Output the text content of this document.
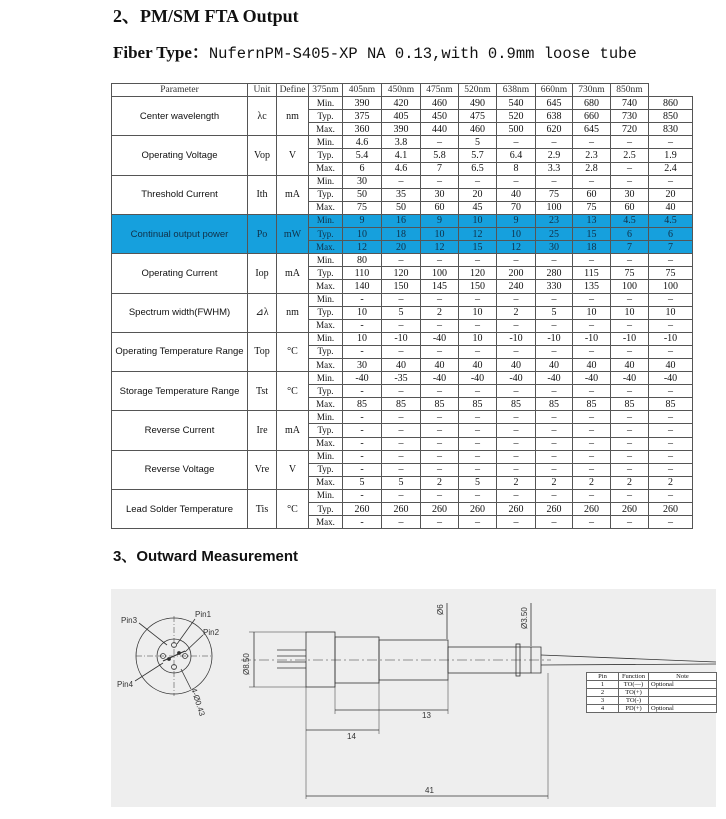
2、PM/SM FTA Output
Fiber Type：NufernPM-S405-XP NA 0.13,with 0.9mm loose tube
Parameter	Unit	Define	375nm	405nm	450nm	475nm	520nm	638nm	660nm	730nm	850nm	
Center wavelength	λc	nm	Min.	390	420	460	490	540	645	680	740	860
			Typ.	375	405	450	475	520	638	660	730	850
			Max.	360	390	440	460	500	620	645	720	830
Operating Voltage	Vop	V	Min.	4.6	3.8	–	5	–	–	–	–	–
			Typ.	5.4	4.1	5.8	5.7	6.4	2.9	2.3	2.5	1.9
			Max.	6	4.6	7	6.5	8	3.3	2.8	–	2.4
Threshold Current	Ith	mA	Min.	30	–	–	–	–	–	–	–	–
			Typ.	50	35	30	20	40	75	60	30	20
			Max.	75	50	60	45	70	100	75	60	40
Continual output power	Po	mW	Min.	9	16	9	10	9	23	13	4.5	4.5
			Typ.	10	18	10	12	10	25	15	6	6
			Max.	12	20	12	15	12	30	18	7	7
Operating Current	Iop	mA	Min.	80	–	–	–	–	–	–	–	–
			Typ.	110	120	100	120	200	280	115	75	75
			Max.	140	150	145	150	240	330	135	100	100
Spectrum width(FWHM)	⊿λ	nm	Min.	-	–	–	–	–	–	–	–	–
			Typ.	10	5	2	10	2	5	10	10	10
			Max.	-	–	–	–	–	–	–	–	–
Operating Temperature Range	Top	°C	Min.	10	-10	-40	10	-10	-10	-10	-10	-10
			Typ.	-	–	–	–	–	–	–	–	–
			Max.	30	40	40	40	40	40	40	40	40
Storage Temperature Range	Tst	°C	Min.	-40	-35	-40	-40	-40	-40	-40	-40	-40
			Typ.	-	–	–	–	–	–	–	–	–
			Max.	85	85	85	85	85	85	85	85	85
Reverse Current	Ire	mA	Min.	-	–	–	–	–	–	–	–	–
			Typ.	-	–	–	–	–	–	–	–	–
			Max.	-	–	–	–	–	–	–	–	–
Reverse Voltage	Vre	V	Min.	-	–	–	–	–	–	–	–	–
			Typ.	-	–	–	–	–	–	–	–	–
			Max.	5	5	2	5	2	2	2	2	2
Lead Solder Temperature	Tis	°C	Min.	-	–	–	–	–	–	–	–	–
			Typ.	260	260	260	260	260	260	260	260	260
			Max.	-	–	–	–	–	–	–	–	–
3、Outward Measurement
Pin1
Pin2
Pin3
Pin4
4-Ø0.43
Ø8.50
Ø6	Ø3.50
13
14
41
Pin	Function	Note
1	TO(—)	Optional
2	TO(+)	
3	TO(-)	
4	PD(+)	Optional
